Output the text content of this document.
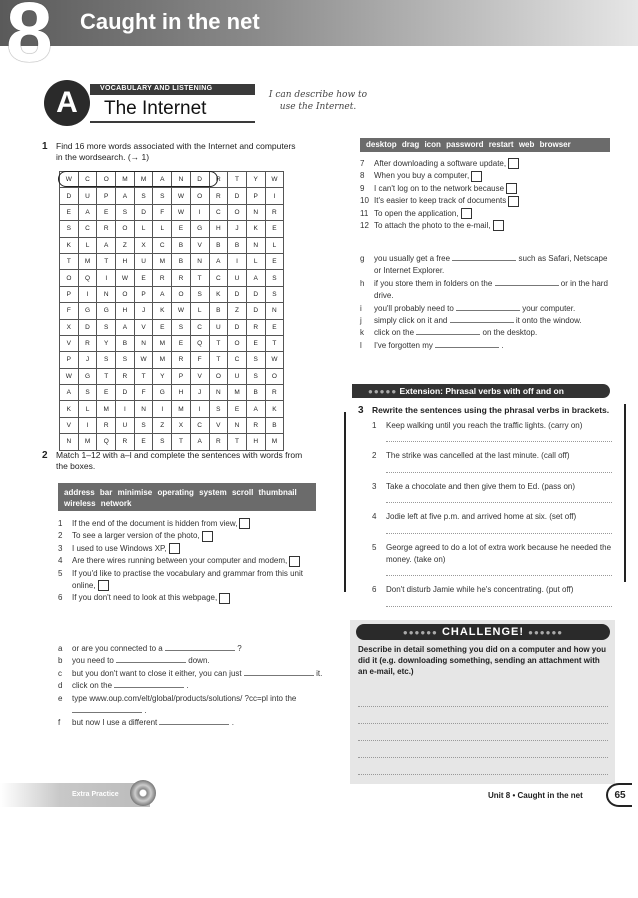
8 Caught in the net
A	VOCABULARY AND LISTENING
The Internet
I can describe how to use the Internet.
1 Find 16 more words associated with the Internet and computers in the wordsearch. (→ 1)
W	C	O	M	M	A	N	D	R	T	Y	W
D	U	P	A	S	S	W	O	R	D	P	I
E	A	E	S	D	F	W	I	C	O	N	R
S	C	R	O	L	L	E	G	H	J	K	E
K	L	A	Z	X	C	B	V	B	B	N	L
T	M	T	H	U	M	B	N	A	I	L	E
O	Q	I	W	E	R	R	T	C	U	A	S
P	I	N	O	P	A	O	S	K	D	D	S
F	G	G	H	J	K	W	L	B	Z	D	N
X	D	S	A	V	E	S	C	U	D	R	E
V	R	Y	B	N	M	E	Q	T	O	E	T
P	J	S	S	W	M	R	F	T	C	S	W
W	G	T	R	T	Y	P	V	O	U	S	O
A	S	E	D	F	G	H	J	N	M	B	R
K	L	M	I	N	I	M	I	S	E	A	K
V	I	R	U	S	Z	X	C	V	N	R	B
N	M	Q	R	E	S	T	A	R	T	H	M
2 Match 1–12 with a–l and complete the sentences with words from the boxes.
address bar minimise operating system scroll thumbnail wireless network
1	If the end of the document is hidden from view,
2	To see a larger version of the photo,
3	I used to use Windows XP,
4	Are there wires running between your computer and modem,
5	If you'd like to practise the vocabulary and grammar from this unit online,
6	If you don't need to look at this webpage,
a	or are you connected to a	?
b	you need to	down.
c	but you don't want to close it either, you can just	it.
d	click on the	.
e	type www.oup.com/elt/global/products/solutions/ ?cc=pl into the  .
f	but now I use a different	.
desktop drag icon password restart web browser
7	After downloading a software update,
8	When you buy a computer,
9	I can't log on to the network because
10 It's easier to keep track of documents
11 To open the application,
12 To attach the photo to the e-mail,
g	you usually get a free	such as Safari, Netscape or Internet Explorer.
h	if you store them in folders on the	or in the hard drive.
i	you'll probably need to	your computer.
j	simply click on it and	it onto the window.
k	click on the	on the desktop.
l	I've forgotten my	.
●●●●● Extension: Phrasal verbs with off and on
3 Rewrite the sentences using the phrasal verbs in brackets.
1	Keep walking until you reach the traffic lights. (carry on)
2	The strike was cancelled at the last minute. (call off)
3	Take a chocolate and then give them to Ed. (pass on)
4	Jodie left at five p.m. and arrived home at six. (set off)
5	George agreed to do a lot of extra work because he needed the money. (take on)
6	Don't disturb Jamie while he's concentrating. (put off)
●●●●●● CHALLENGE! ●●●●●●
Describe in detail something you did on a computer and how you did it (e.g. downloading something, sending an attachment with an e-mail, etc.)
Extra Practice	Unit 8 • Caught in the net	65
